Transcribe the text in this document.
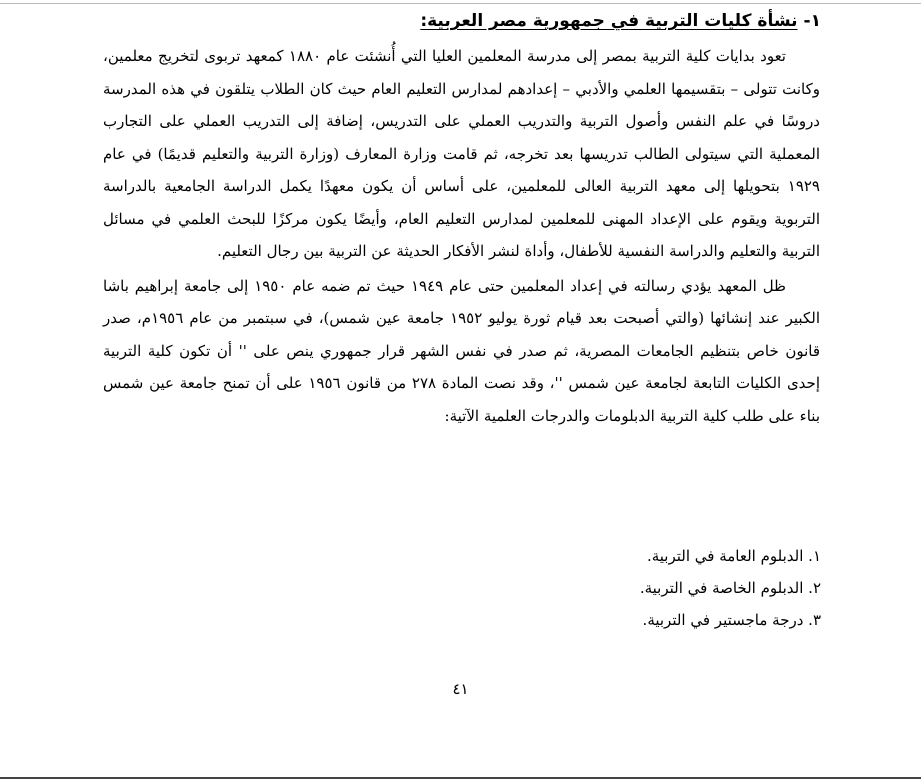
١-نشأة كليات التربية في جمهورية مصر العربية:

تعود بدايات كلية التربية بمصر إلى مدرسة المعلمين العليا التي أُنشئت عام ١٨٨٠ كمعهد تربوى لتخريج معلمين، وكانت تتولى – بتقسيمها العلمي والأدبي – إعدادهم لمدارس التعليم العام حيث كان الطلاب يتلقون في هذه المدرسة دروسًا في علم النفس وأصول التربية والتدريب العملي على التدريس، إضافة إلى التدريب العملي على التجارب المعملية التي سيتولى الطالب تدريسها بعد تخرجه، ثم قامت وزارة المعارف (وزارة التربية والتعليم قديمًا) في عام ١٩٢٩ بتحويلها إلى معهد التربية العالى للمعلمين، على أساس أن يكون معهدًا يكمل الدراسة الجامعية بالدراسة التربوية ويقوم على الإعداد المهنى للمعلمين لمدارس التعليم العام، وأيضًا يكون مركزًا للبحث العلمي في مسائل التربية والتعليم والدراسة النفسية للأطفال، وأداة لنشر الأفكار الحديثة عن التربية بين رجال التعليم.

ظل المعهد يؤدي رسالته في إعداد المعلمين حتى عام ١٩٤٩ حيث تم ضمه عام ١٩٥٠ إلى جامعة إبراهيم باشا الكبير عند إنشائها (والتي أصبحت بعد قيام ثورة يوليو ١٩٥٢ جامعة عين شمس)، في سبتمبر من عام ١٩٥٦م، صدر قانون خاص بتنظيم الجامعات المصرية، ثم صدر في نفس الشهر قرار جمهوري ينص على '' أن تكون كلية التربية إحدى الكليات التابعة لجامعة عين شمس ''، وقد نصت المادة ٢٧٨ من قانون ١٩٥٦ على أن تمنح جامعة عين شمس بناء على طلب كلية التربية الدبلومات والدرجات العلمية الآتية:

١. الدبلوم العامة في التربية.
٢. الدبلوم الخاصة في التربية.
٣. درجة ماجستير في التربية.
٤١
